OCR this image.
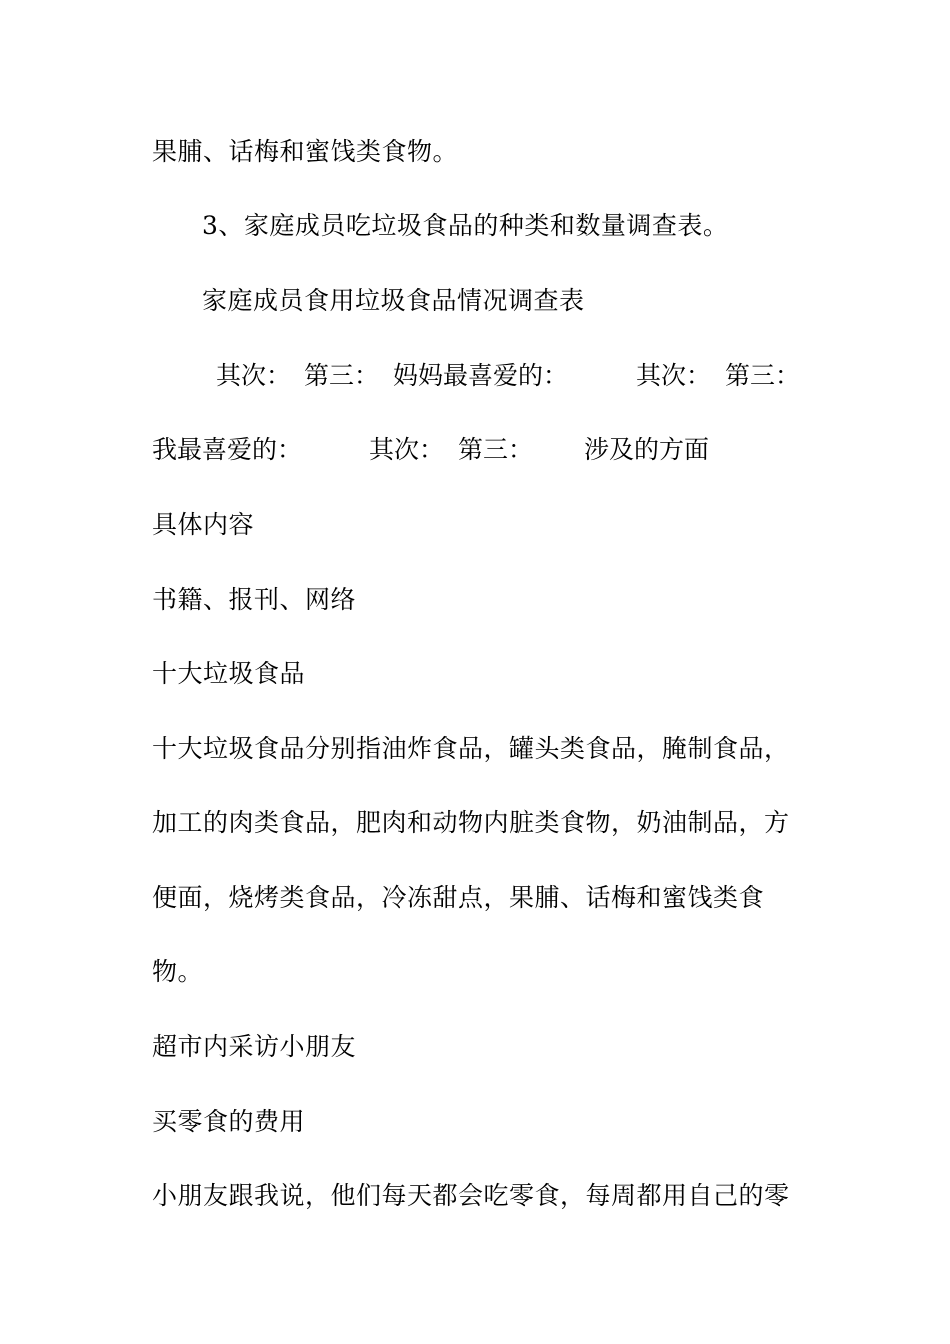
果脯、话梅和蜜饯类食物。
3、家庭成员吃垃圾食品的种类和数量调查表。
家庭成员食用垃圾食品情况调查表
其次： 第三： 妈妈最喜爱的：	其次： 第三：
我最喜爱的：	其次： 第三： 涉及的方面
具体内容
书籍、报刊、网络
十大垃圾食品
十大垃圾食品分别指油炸食品，罐头类食品，腌制食品，
加工的肉类食品，肥肉和动物内脏类食物，奶油制品，方
便面，烧烤类食品，冷冻甜点，果脯、话梅和蜜饯类食
物。
超市内采访小朋友
买零食的费用
小朋友跟我说，他们每天都会吃零食，每周都用自己的零
